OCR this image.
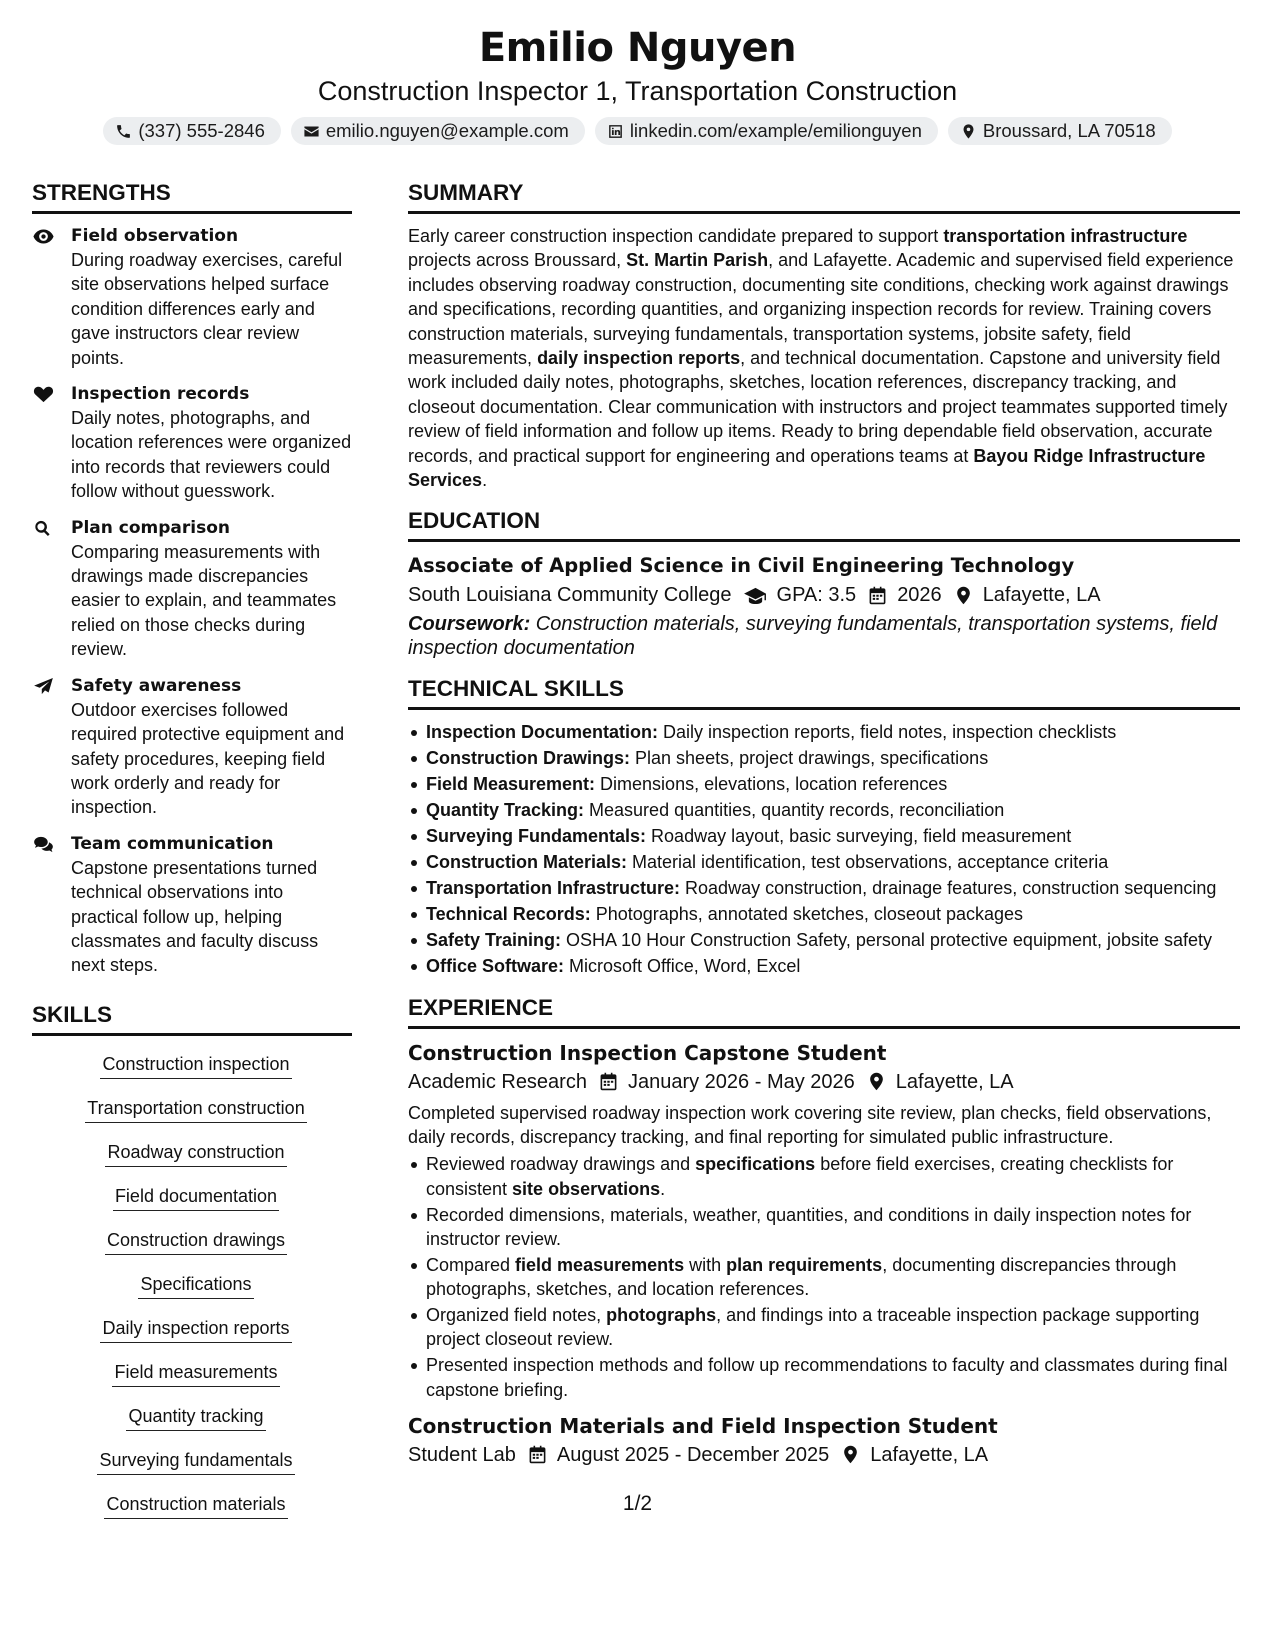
Emilio Nguyen
Construction Inspector 1, Transportation Construction
(337) 555-2846	emilio.nguyen@example.com	linkedin.com/example/emilionguyen	Broussard, LA 70518
STRENGTHS
Field observation
During roadway exercises, careful site observations helped surface condition differences early and gave instructors clear review points.
Inspection records
Daily notes, photographs, and location references were organized into records that reviewers could follow without guesswork.
Plan comparison
Comparing measurements with drawings made discrepancies easier to explain, and teammates relied on those checks during review.
Safety awareness
Outdoor exercises followed required protective equipment and safety procedures, keeping field work orderly and ready for inspection.
Team communication
Capstone presentations turned technical observations into practical follow up, helping classmates and faculty discuss next steps.
SKILLS
Construction inspection
Transportation construction
Roadway construction
Field documentation
Construction drawings
Specifications
Daily inspection reports
Field measurements
Quantity tracking
Surveying fundamentals
Construction materials
SUMMARY

Early career construction inspection candidate prepared to support transportation infrastructure projects across Broussard, St. Martin Parish, and Lafayette. Academic and supervised field experience includes observing roadway construction, documenting site conditions, checking work against drawings and specifications, recording quantities, and organizing inspection records for review. Training covers construction materials, surveying fundamentals, transportation systems, jobsite safety, field measurements, daily inspection reports, and technical documentation. Capstone and university field work included daily notes, photographs, sketches, location references, discrepancy tracking, and closeout documentation. Clear communication with instructors and project teammates supported timely review of field information and follow up items. Ready to bring dependable field observation, accurate records, and practical support for engineering and operations teams at Bayou Ridge Infrastructure Services.

EDUCATION
Associate of Applied Science in Civil Engineering Technology
South Louisiana Community College GPA: 3.5 2026 Lafayette, LA
Coursework: Construction materials, surveying fundamentals, transportation systems, field inspection documentation
TECHNICAL SKILLS
Inspection Documentation: Daily inspection reports, field notes, inspection checklists
Construction Drawings: Plan sheets, project drawings, specifications
Field Measurement: Dimensions, elevations, location references
Quantity Tracking: Measured quantities, quantity records, reconciliation
Surveying Fundamentals: Roadway layout, basic surveying, field measurement
Construction Materials: Material identification, test observations, acceptance criteria
Transportation Infrastructure: Roadway construction, drainage features, construction sequencing
Technical Records: Photographs, annotated sketches, closeout packages
Safety Training: OSHA 10 Hour Construction Safety, personal protective equipment, jobsite safety
Office Software: Microsoft Office, Word, Excel
EXPERIENCE
Construction Inspection Capstone Student
Academic Research January 2026 - May 2026 Lafayette, LA
Completed supervised roadway inspection work covering site review, plan checks, field observations, daily records, discrepancy tracking, and final reporting for simulated public infrastructure.
Reviewed roadway drawings and specifications before field exercises, creating checklists for consistent site observations.
Recorded dimensions, materials, weather, quantities, and conditions in daily inspection notes for instructor review.
Compared field measurements with plan requirements, documenting discrepancies through photographs, sketches, and location references.
Organized field notes, photographs, and findings into a traceable inspection package supporting project closeout review.
Presented inspection methods and follow up recommendations to faculty and classmates during final capstone briefing.
Construction Materials and Field Inspection Student
Student Lab August 2025 - December 2025 Lafayette, LA
1/2
